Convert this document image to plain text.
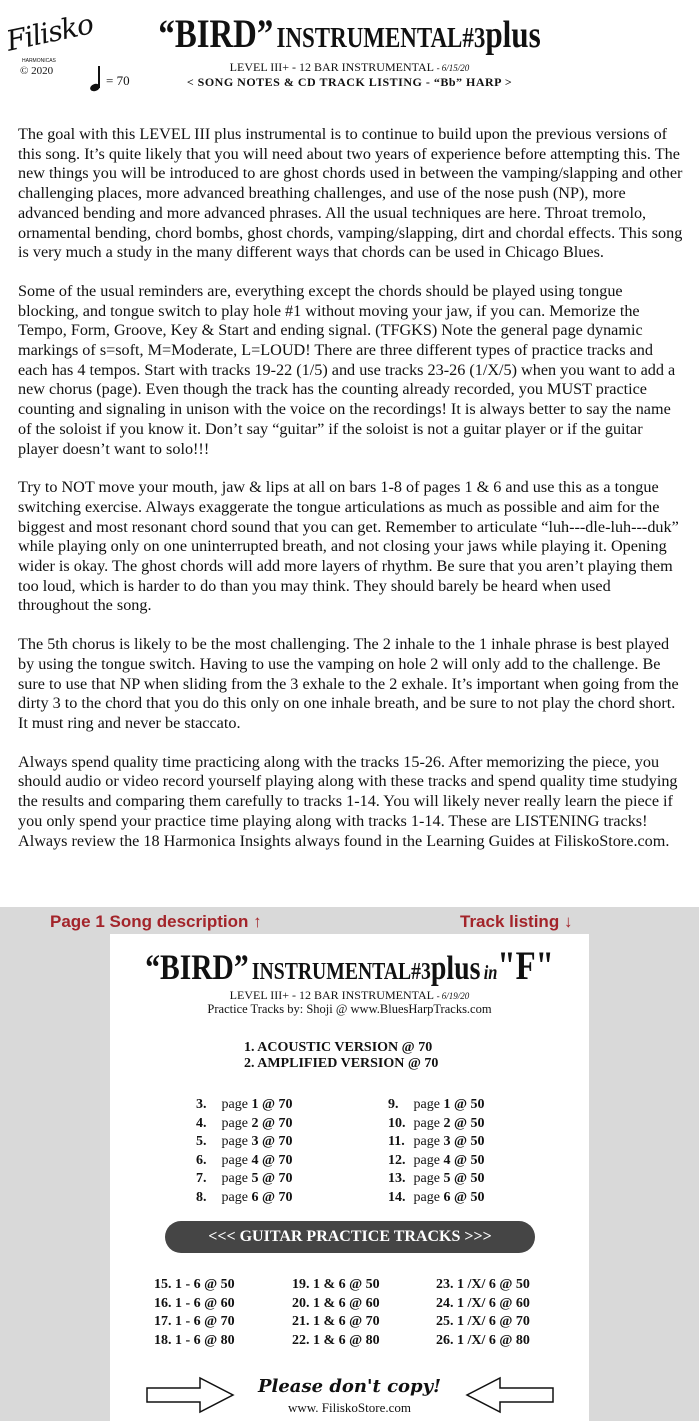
Filisko
HARMONICAS
© 2020
= 70
“BIRD” INSTRUMENTAL#3plus
LEVEL III+ - 12 BAR INSTRUMENTAL - 6/15/20
< SONG NOTES & CD TRACK LISTING - “Bb” HARP >

The goal with this LEVEL III plus instrumental is to continue to build upon the previous versions of this song. It’s quite likely that you will need about two years of experience before attempting this. The new things you will be introduced to are ghost chords used in between the vamping/slapping and other challenging places, more advanced breathing challenges, and use of the nose push (NP), more advanced bending and more advanced phrases. All the usual techniques are here. Throat tremolo, ornamental bending, chord bombs, ghost chords, vamping/slapping, dirt and chordal effects. This song is very much a study in the many different ways that chords can be used in Chicago Blues.

Some of the usual reminders are, everything except the chords should be played using tongue blocking, and tongue switch to play hole #1 without moving your jaw, if you can. Memorize the Tempo, Form, Groove, Key & Start and ending signal. (TFGKS) Note the general page dynamic markings of s=soft, M=Moderate, L=LOUD! There are three different types of practice tracks and each has 4 tempos. Start with tracks 19-22 (1/5) and use tracks 23-26 (1/X/5) when you want to add a new chorus (page). Even though the track has the counting already recorded, you MUST practice counting and signaling in unison with the voice on the recordings! It is always better to say the name of the soloist if you know it. Don’t say “guitar” if the soloist is not a guitar player or if the guitar player doesn’t want to solo!!!

Try to NOT move your mouth, jaw & lips at all on bars 1-8 of pages 1 & 6 and use this as a tongue switching exercise. Always exaggerate the tongue articulations as much as possible and aim for the biggest and most resonant chord sound that you can get. Remember to articulate “luh---dle-luh---duk” while playing only on one uninterrupted breath, and not closing your jaws while playing it. Opening wider is okay. The ghost chords will add more layers of rhythm. Be sure that you aren’t playing them too loud, which is harder to do than you may think. They should barely be heard when used throughout the song.

The 5th chorus is likely to be the most challenging. The 2 inhale to the 1 inhale phrase is best played by using the tongue switch. Having to use the vamping on hole 2 will only add to the challenge. Be sure to use that NP when sliding from the 3 exhale to the 2 exhale. It’s important when going from the dirty 3 to the chord that you do this only on one inhale breath, and be sure to not play the chord short. It must ring and never be staccato.

Always spend quality time practicing along with the tracks 15-26. After memorizing the piece, you should audio or video record yourself playing along with these tracks and spend quality time studying the results and comparing them carefully to tracks 1-14. You will likely never really learn the piece if you only spend your practice time playing along with tracks 1-14. These are LISTENING tracks! Always review the 18 Harmonica Insights always found in the Learning Guides at FiliskoStore.com.

Page 1 Song description ↑	Track listing ↓
“BIRD” INSTRUMENTAL#3plus in"F"
LEVEL III+ - 12 BAR INSTRUMENTAL - 6/19/20
Practice Tracks by: Shoji @ www.BluesHarpTracks.com
1. ACOUSTIC VERSION @ 70
2. AMPLIFIED VERSION @ 70
3. page 1 @ 70
4. page 2 @ 70
5. page 3 @ 70
6. page 4 @ 70
7. page 5 @ 70
8. page 6 @ 70
9. page 1 @ 50
10. page 2 @ 50
11. page 3 @ 50
12. page 4 @ 50
13. page 5 @ 50
14. page 6 @ 50
<<< GUITAR PRACTICE TRACKS >>>
15. 1 - 6 @ 50
16. 1 - 6 @ 60
17. 1 - 6 @ 70
18. 1 - 6 @ 80
19. 1 & 6 @ 50
20. 1 & 6 @ 60
21. 1 & 6 @ 70
22. 1 & 6 @ 80
23. 1 /X/ 6 @ 50
24. 1 /X/ 6 @ 60
25. 1 /X/ 6 @ 70
26. 1 /X/ 6 @ 80
Please don't copy!
www. FiliskoStore.com
